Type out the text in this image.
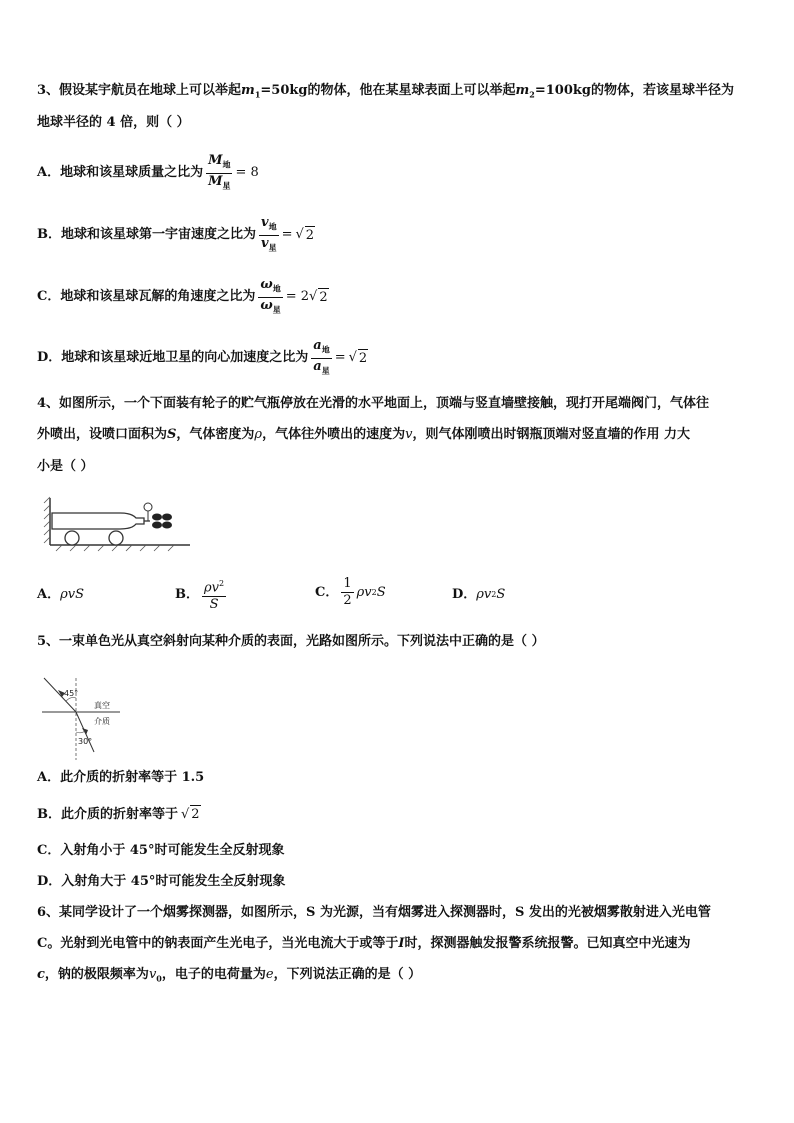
3、假设某宇航员在地球上可以举起$m_1=50kg$的物体，他在某星球表面上可以举起$m_2=100kg$的物体，若该星球半径为
地球半径的 4 倍，则（ ）
A．地球和该星球质量之比为 $\frac{M_地}{M_星} = 8$
B．地球和该星球第一宇宙速度之比为 $\frac{v_地}{v_星}$ = √ 2
C．地球和该星球瓦解的角速度之比为 $\frac{\omega_地}{\omega_星} = 2$ √ 2
D．地球和该星球近地卫星的向心加速度之比为 $\frac{a_地}{a_星}$ = √ 2
4、如图所示，一个下面装有轮子的贮气瓶停放在光滑的水平地面上，顶端与竖直墙壁接触，现打开尾端阀门，气体往
外喷出，设喷口面积为S，气体密度为ρ，气体往外喷出的速度为v，则气体刚喷出时钢瓶顶端对竖直墙的作用 力大
小是（ ）
A． ρvS	B． $\frac{\rho v^2}{S}$	C． $\frac{1}{2}$ ρv 2 S	D． ρv 2 S
5、一束单色光从真空斜射向某种介质的表面，光路如图所示。下列说法中正确的是（ ）
45°
30°
真空
介质
A．此介质的折射率等于 1.5
B．此介质的折射率等于 √ 2
C．入射角小于 45°时可能发生全反射现象
D．入射角大于 45°时可能发生全反射现象
6、某同学设计了一个烟雾探测器，如图所示，S 为光源，当有烟雾进入探测器时，S 发出的光被烟雾散射进入光电管
C。光射到光电管中的钠表面产生光电子，当光电流大于或等于I时，探测器触发报警系统报警。已知真空中光速为
c，钠的极限频率为$v_0$，电子的电荷量为e，下列说法正确的是（ ）
